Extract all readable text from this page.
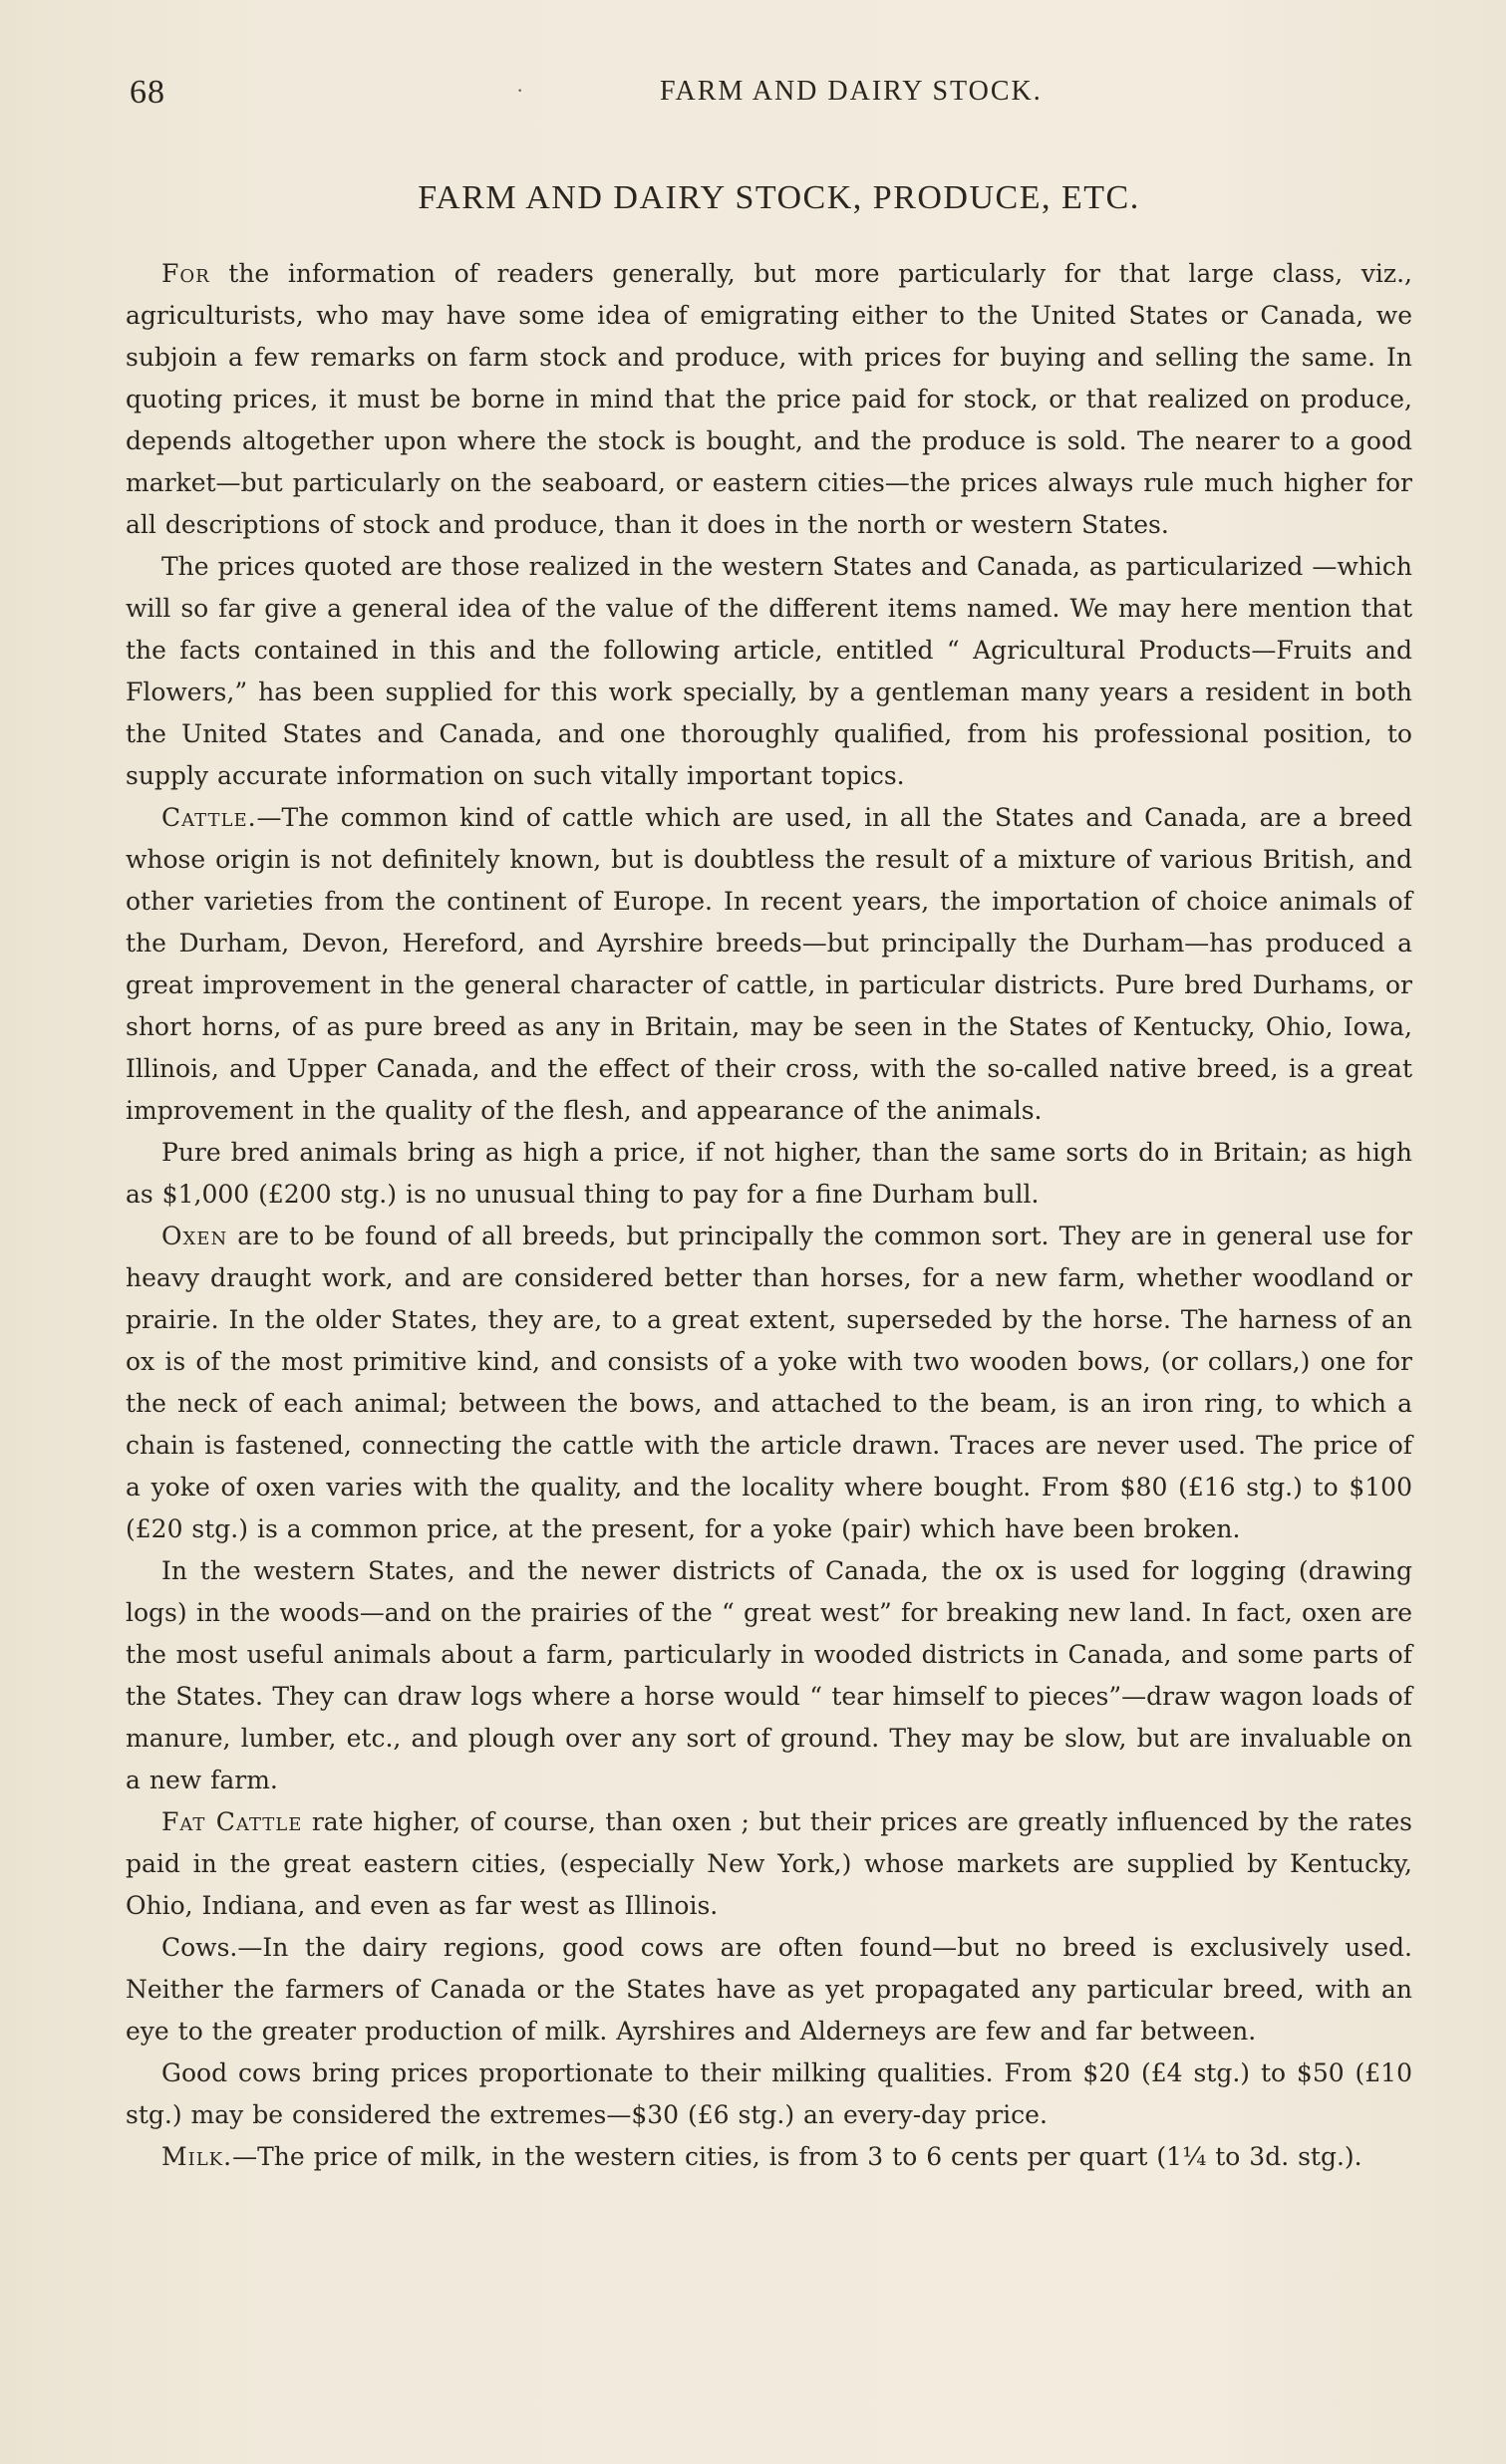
68	·	FARM AND DAIRY STOCK.
FARM AND DAIRY STOCK, PRODUCE, ETC.

For the information of readers generally, but more particularly for that large class, viz., agriculturists, who may have some idea of emigrating either to the United States or Canada, we subjoin a few remarks on farm stock and produce, with prices for buying and selling the same. In quoting prices, it must be borne in mind that the price paid for stock, or that realized on produce, depends altogether upon where the stock is bought, and the produce is sold. The nearer to a good market—but particularly on the seaboard, or eastern cities—the prices always rule much higher for all descriptions of stock and produce, than it does in the north or western States.

The prices quoted are those realized in the western States and Canada, as particularized —which will so far give a general idea of the value of the different items named. We may here mention that the facts contained in this and the following article, entitled “ Agricultural Products—Fruits and Flowers,” has been supplied for this work specially, by a gentleman many years a resident in both the United States and Canada, and one thoroughly qualified, from his professional position, to supply accurate information on such vitally important topics.

Cattle.—The common kind of cattle which are used, in all the States and Canada, are a breed whose origin is not definitely known, but is doubtless the result of a mixture of various British, and other varieties from the continent of Europe. In recent years, the importation of choice animals of the Durham, Devon, Hereford, and Ayrshire breeds—but principally the Durham—has produced a great improvement in the general character of cattle, in particular districts. Pure bred Durhams, or short horns, of as pure breed as any in Britain, may be seen in the States of Kentucky, Ohio, Iowa, Illinois, and Upper Canada, and the effect of their cross, with the so-called native breed, is a great improvement in the quality of the flesh, and appearance of the animals.

Pure bred animals bring as high a price, if not higher, than the same sorts do in Britain; as high as $1,000 (£200 stg.) is no unusual thing to pay for a fine Durham bull.

Oxen are to be found of all breeds, but principally the common sort. They are in general use for heavy draught work, and are considered better than horses, for a new farm, whether woodland or prairie. In the older States, they are, to a great extent, superseded by the horse. The harness of an ox is of the most primitive kind, and consists of a yoke with two wooden bows, (or collars,) one for the neck of each animal; between the bows, and attached to the beam, is an iron ring, to which a chain is fastened, connecting the cattle with the article drawn. Traces are never used. The price of a yoke of oxen varies with the quality, and the locality where bought. From $80 (£16 stg.) to $100 (£20 stg.) is a common price, at the present, for a yoke (pair) which have been broken.

In the western States, and the newer districts of Canada, the ox is used for logging (drawing logs) in the woods—and on the prairies of the “ great west” for breaking new land. In fact, oxen are the most useful animals about a farm, particularly in wooded districts in Canada, and some parts of the States. They can draw logs where a horse would “ tear himself to pieces”—draw wagon loads of manure, lumber, etc., and plough over any sort of ground. They may be slow, but are invaluable on a new farm.

Fat Cattle rate higher, of course, than oxen ; but their prices are greatly influenced by the rates paid in the great eastern cities, (especially New York,) whose markets are supplied by Kentucky, Ohio, Indiana, and even as far west as Illinois.

Cows.—In the dairy regions, good cows are often found—but no breed is exclusively used. Neither the farmers of Canada or the States have as yet propagated any particular breed, with an eye to the greater production of milk. Ayrshires and Alderneys are few and far between.

Good cows bring prices proportionate to their milking qualities. From $20 (£4 stg.) to $50 (£10 stg.) may be considered the extremes—$30 (£6 stg.) an every-day price.

Milk.—The price of milk, in the western cities, is from 3 to 6 cents per quart (1¼ to 3d. stg.).
